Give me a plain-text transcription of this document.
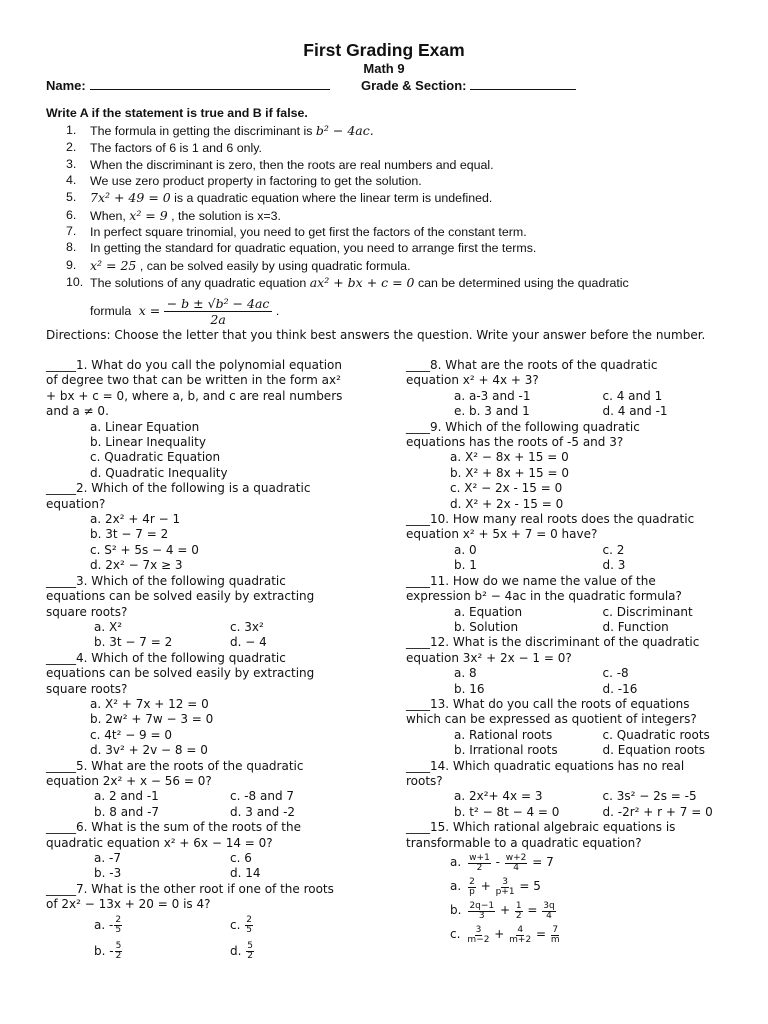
First Grading Exam
Math 9
Name:	Grade & Section:
Write A if the statement is true and B if false.
1.	The formula in getting the discriminant is b² − 4ac.
2.	The factors of 6 is 1 and 6 only.
3.	When the discriminant is zero, then the roots are real numbers and equal.
4.	We use zero product property in factoring to get the solution.
5.	7x² + 49 = 0 is a quadratic equation where the linear term is undefined.
6.	When, x² = 9 , the solution is x=3.
7.	In perfect square trinomial, you need to get first the factors of the constant term.
8.	In getting the standard for quadratic equation, you need to arrange first the terms.
9.	x² = 25 , can be solved easily by using quadratic formula.
10. The solutions of any quadratic equation ax² + bx + c = 0 can be determined using the quadratic
formula $x = \frac{\text{− b ± √b² − 4ac}}{2a}$ .
Directions: Choose the letter that you think best answers the question. Write your answer before the number.
_____1. What do you call the polynomial equation
of degree two that can be written in the form ax²
+ bx + c = 0, where a, b, and c are real numbers
and a ≠ 0.
a. Linear Equation
b. Linear Inequality
c. Quadratic Equation
d. Quadratic Inequality
_____2. Which of the following is a quadratic
equation?
a. 2x² + 4r − 1
b. 3t − 7 = 2
c. S² + 5s − 4 = 0
d. 2x² − 7x ≥ 3
_____3. Which of the following quadratic
equations can be solved easily by extracting
square roots?
a. X²	c. 3x²
b. 3t − 7 = 2	d. − 4
_____4. Which of the following quadratic
equations can be solved easily by extracting
square roots?
a. X² + 7x + 12 = 0
b. 2w² + 7w − 3 = 0
c. 4t² − 9 = 0
d. 3v² + 2v − 8 = 0
_____5. What are the roots of the quadratic
equation 2x² + x − 56 = 0?
a. 2 and -1	c. -8 and 7
b. 8 and -7	d. 3 and -2
_____6. What is the sum of the roots of the
quadratic equation x² + 6x − 14 = 0?
a. -7	c. 6
b. -3	d. 14
_____7. What is the other root if one of the roots
of 2x² − 13x + 20 = 0 is 4?
a. - $\frac{2}{5}$	c. $\frac{2}{5}$
b. - $\frac{5}{2}$	d. $\frac{5}{2}$
____8. What are the roots of the quadratic
equation x² + 4x + 3?
a. a-3 and -1	c. 4 and 1
e. b. 3 and 1	d. 4 and -1
____9. Which of the following quadratic
equations has the roots of -5 and 3?
a. X² − 8x + 15 = 0
b. X² + 8x + 15 = 0
c. X² − 2x - 15 = 0
d. X² + 2x - 15 = 0
____10. How many real roots does the quadratic
equation x² + 5x + 7 = 0 have?
a. 0	c. 2
b. 1	d. 3
____11. How do we name the value of the
expression b² − 4ac in the quadratic formula?
a. Equation	c. Discriminant
b. Solution	d. Function
____12. What is the discriminant of the quadratic
equation 3x² + 2x − 1 = 0?
a. 8	c. -8
b. 16	d. -16
____13. What do you call the roots of equations
which can be expressed as quotient of integers?
a. Rational roots	c. Quadratic roots
b. Irrational roots	d. Equation roots
____14. Which quadratic equations has no real
roots?
a. 2x²+ 4x = 3	c. 3s² − 2s = -5
b. t² − 8t − 4 = 0	d. -2r² + r + 7 = 0
____15. Which rational algebraic equations is
transformable to a quadratic equation?
a. $\frac{w+1}{2} - \frac{w+2}{4} = 7$
a. $\frac{2}{p} + \frac{3}{p+1} = 5$
b. $\frac{2q-1}{3} + \frac{1}{2} = \frac{3q}{4}$
c. $\frac{3}{m-2} + \frac{4}{m+2} = \frac{7}{m}$
